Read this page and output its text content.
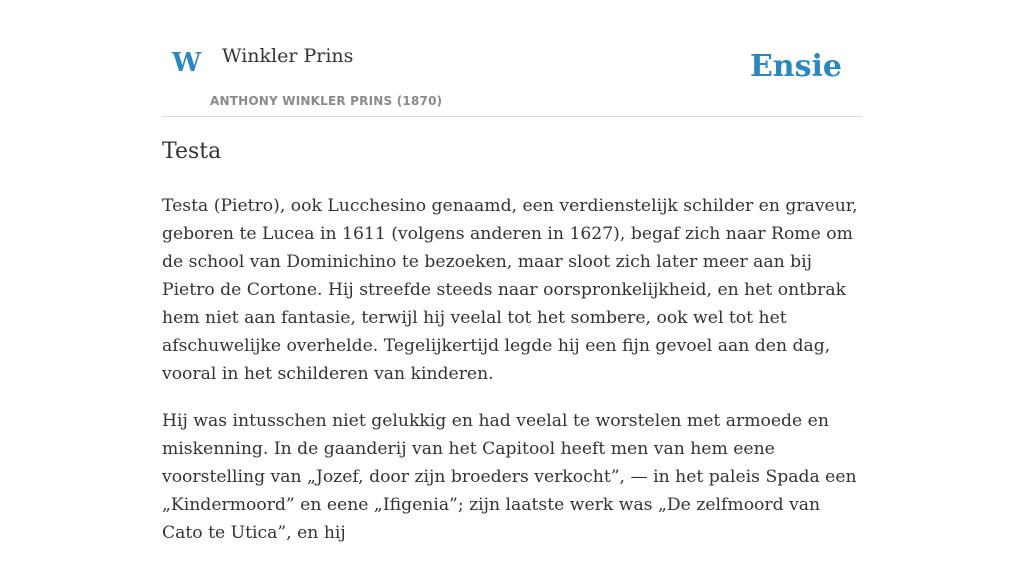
W Winkler Prins
ANTHONY WINKLER PRINS (1870)
Ensie
Testa

Testa (Pietro), ook Lucchesino genaamd, een verdienstelijk schilder en graveur, geboren te Lucea in 1611 (volgens anderen in 1627), begaf zich naar Rome om de school van Dominichino te bezoeken, maar sloot zich later meer aan bij Pietro de Cortone. Hij streefde steeds naar oorspronkelijkheid, en het ontbrak hem niet aan fantasie, terwijl hij veelal tot het sombere, ook wel tot het afschuwelijke overhelde. Tegelijkertijd legde hij een fijn gevoel aan den dag, vooral in het schilderen van kinderen.

Hij was intusschen niet gelukkig en had veelal te worstelen met armoede en miskenning. In de gaanderij van het Capitool heeft men van hem eene voorstelling van „Jozef, door zijn broeders verkocht”, — in het paleis Spada een „Kindermoord” en eene „Ifigenia”; zijn laatste werk was „De zelfmoord van Cato te Utica”, en hij
